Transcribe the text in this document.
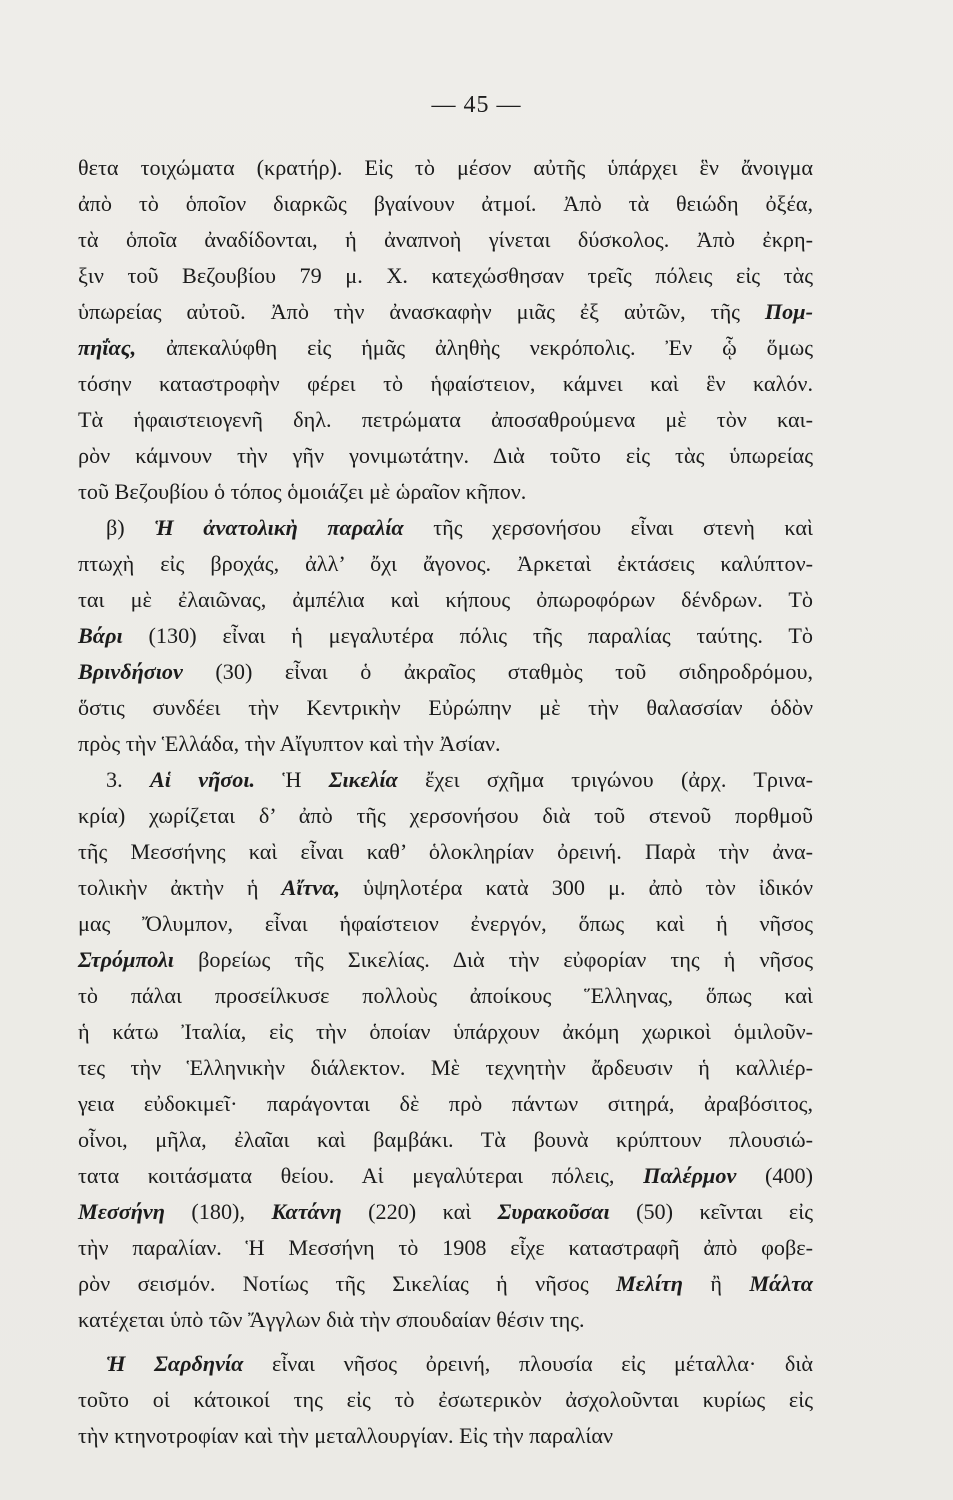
— 45 —
θετα τοιχώματα (κρατήρ). Εἰς τὸ μέσον αὐτῆς ὑπάρχει ἓν ἄνοιγμα
ἀπὸ τὸ ὁποῖον διαρκῶς βγαίνουν ἀτμοί. Ἀπὸ τὰ θειώδη ὀξέα,
τὰ ὁποῖα ἀναδίδονται, ἡ ἀναπνοὴ γίνεται δύσκολος. Ἀπὸ ἐκρη-
ξιν τοῦ Βεζουβίου 79 μ. Χ. κατεχώσθησαν τρεῖς πόλεις εἰς τὰς
ὑπωρείας αὐτοῦ. Ἀπὸ τὴν ἀνασκαφὴν μιᾶς ἐξ αὐτῶν, τῆς Πομ-
πηΐας, ἀπεκαλύφθη εἰς ἡμᾶς ἀληθὴς νεκρόπολις. Ἐν ᾧ ὅμως
τόσην καταστροφὴν φέρει τὸ ἡφαίστειον, κάμνει καὶ ἓν καλόν.
Τὰ ἡφαιστειογενῆ δηλ. πετρώματα ἀποσαθρούμενα μὲ τὸν και-
ρὸν κάμνουν τὴν γῆν γονιμωτάτην. Διὰ τοῦτο εἰς τὰς ὑπωρείας
τοῦ Βεζουβίου ὁ τόπος ὁμοιάζει μὲ ὡραῖον κῆπον.
β) Ἡ ἀνατολικὴ παραλία τῆς χερσονήσου εἶναι στενὴ καὶ
πτωχὴ εἰς βροχάς, ἀλλ’ ὄχι ἄγονος. Ἀρκεταὶ ἐκτάσεις καλύπτον-
ται μὲ ἐλαιῶνας, ἀμπέλια καὶ κήπους ὀπωροφόρων δένδρων. Τὸ
Βάρι (130) εἶναι ἡ μεγαλυτέρα πόλις τῆς παραλίας ταύτης. Τὸ
Βρινδήσιον (30) εἶναι ὁ ἀκραῖος σταθμὸς τοῦ σιδηροδρόμου,
ὅστις συνδέει τὴν Κεντρικὴν Εὐρώπην μὲ τὴν θαλασσίαν ὁδὸν
πρὸς τὴν Ἑλλάδα, τὴν Αἴγυπτον καὶ τὴν Ἀσίαν.
3. Αἱ νῆσοι. Ἡ Σικελία ἔχει σχῆμα τριγώνου (ἀρχ. Τρινα-
κρία) χωρίζεται δ’ ἀπὸ τῆς χερσονήσου διὰ τοῦ στενοῦ πορθμοῦ
τῆς Μεσσήνης καὶ εἶναι καθ’ ὁλοκληρίαν ὀρεινή. Παρὰ τὴν ἀνα-
τολικὴν ἀκτὴν ἡ Αἴτνα, ὑψηλοτέρα κατὰ 300 μ. ἀπὸ τὸν ἰδικόν
μας Ὄλυμπον, εἶναι ἡφαίστειον ἐνεργόν, ὅπως καὶ ἡ νῆσος
Στρόμπολι βορείως τῆς Σικελίας. Διὰ τὴν εὐφορίαν της ἡ νῆσος
τὸ πάλαι προσείλκυσε πολλοὺς ἀποίκους Ἕλληνας, ὅπως καὶ
ἡ κάτω Ἰταλία, εἰς τὴν ὁποίαν ὑπάρχουν ἀκόμη χωρικοὶ ὁμιλοῦν-
τες τὴν Ἑλληνικὴν διάλεκτον. Μὲ τεχνητὴν ἄρδευσιν ἡ καλλιέρ-
γεια εὐδοκιμεῖ· παράγονται δὲ πρὸ πάντων σιτηρά, ἀραβόσιτος,
οἶνοι, μῆλα, ἐλαῖαι καὶ βαμβάκι. Τὰ βουνὰ κρύπτουν πλουσιώ-
τατα κοιτάσματα θείου. Αἱ μεγαλύτεραι πόλεις, Παλέρμον (400)
Μεσσήνη (180), Κατάνη (220) καὶ Συρακοῦσαι (50) κεῖνται εἰς
τὴν παραλίαν. Ἡ Μεσσήνη τὸ 1908 εἶχε καταστραφῆ ἀπὸ φοβε-
ρὸν σεισμόν. Νοτίως τῆς Σικελίας ἡ νῆσος Μελίτη ἢ Μάλτα
κατέχεται ὑπὸ τῶν Ἄγγλων διὰ τὴν σπουδαίαν θέσιν της.
Ἡ Σαρδηνία εἶναι νῆσος ὀρεινή, πλουσία εἰς μέταλλα· διὰ
τοῦτο οἱ κάτοικοί της εἰς τὸ ἐσωτερικὸν ἀσχολοῦνται κυρίως εἰς
τὴν κτηνοτροφίαν καὶ τὴν μεταλλουργίαν. Εἰς τὴν παραλίαν
